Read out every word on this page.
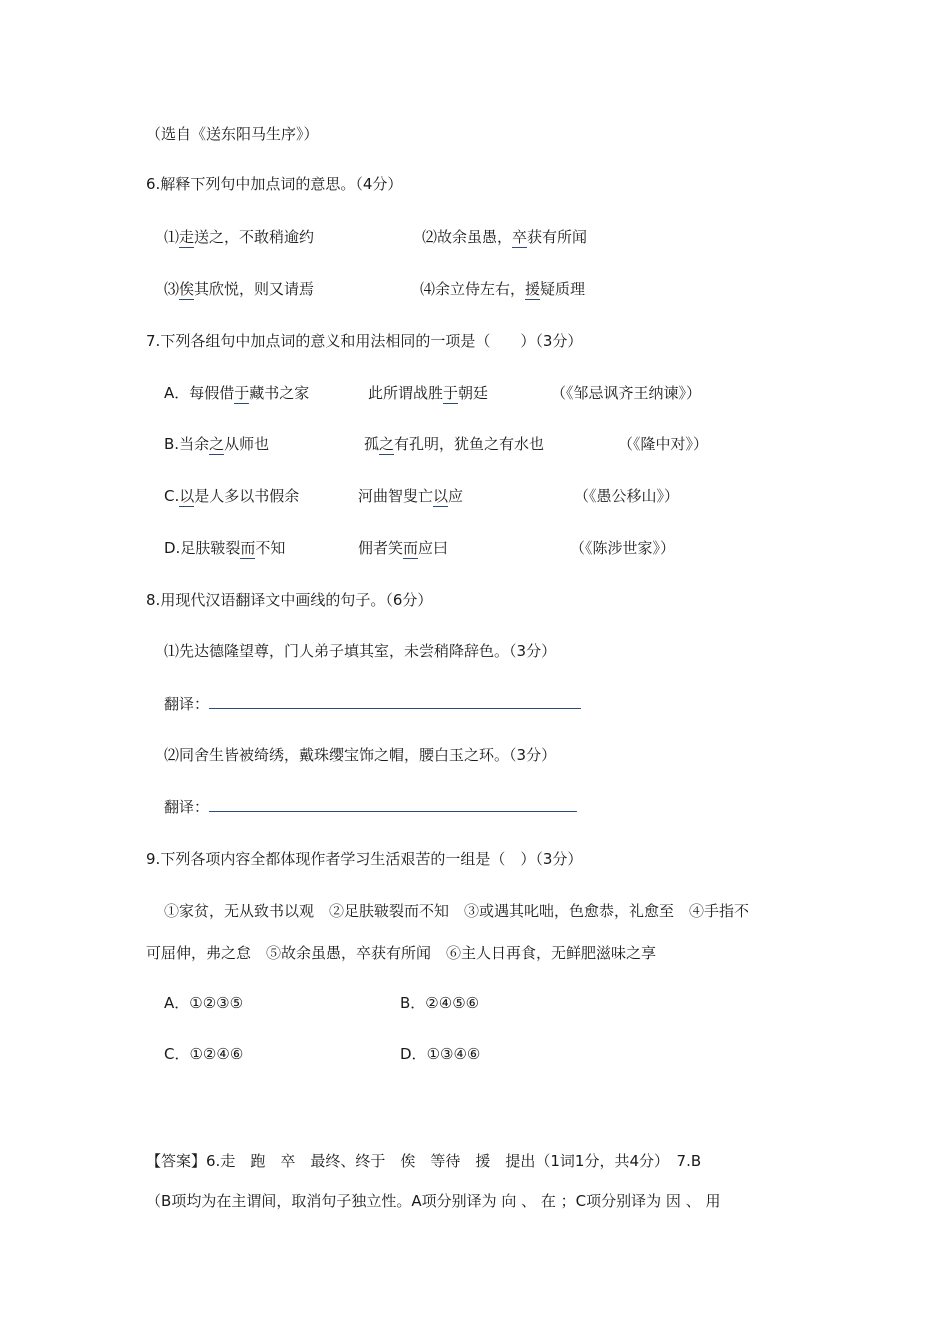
（选自《送东阳马生序》）
6.解释下列句中加点词的意思。（4分）
⑴走送之，不敢稍逾约	⑵故余虽愚，卒获有所闻
⑶俟其欣悦，则又请焉	⑷余立侍左右，援疑质理
7.下列各组句中加点词的意义和用法相同的一项是（　　）（3分）
A．每假借于藏书之家	此所谓战胜于朝廷	（《邹忌讽齐王纳谏》）
B.当余之从师也	孤之有孔明，犹鱼之有水也	（《隆中对》）
C.以是人多以书假余	河曲智叟亡以应	（《愚公移山》）
D.足肤皲裂而不知	佣者笑而应曰	（《陈涉世家》）
8.用现代汉语翻译文中画线的句子。（6分）
⑴先达德隆望尊，门人弟子填其室，未尝稍降辞色。（3分）
翻译：
⑵同舍生皆被绮绣，戴珠缨宝饰之帽，腰白玉之环。（3分）
翻译：
9.下列各项内容全都体现作者学习生活艰苦的一组是（　）（3分）
①家贫，无从致书以观　②足肤皲裂而不知　③或遇其叱咄，色愈恭，礼愈至　④手指不
可屈伸，弗之怠　⑤故余虽愚，卒获有所闻　⑥主人日再食，无鲜肥滋味之享
A．①②③⑤	B．②④⑤⑥
C．①②④⑥	D．①③④⑥
【答案】6.走　跑　卒　最终、终于　俟　等待　援　提出（1词1分，共4分）　7.B
（B项均为在主谓间，取消句子独立性。A项分别译为 向 、 在 ；C项分别译为 因 、 用
